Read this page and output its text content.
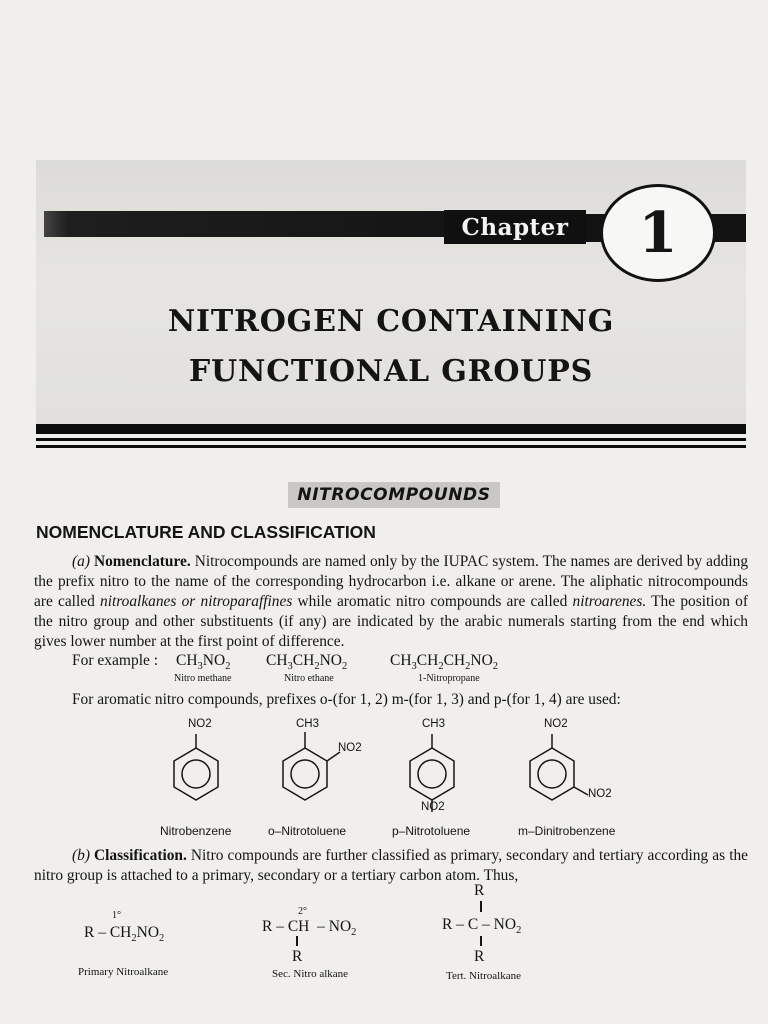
Chapter	1
NITROGEN CONTAINING
FUNCTIONAL GROUPS
NITROCOMPOUNDS
NOMENCLATURE AND CLASSIFICATION
(a) Nomenclature. Nitrocompounds are named only by the IUPAC system. The names are derived by adding the prefix nitro to the name of the corresponding hydrocarbon i.e. alkane or arene. The aliphatic nitrocompounds are called nitroalkanes or nitroparaffines while aromatic nitro compounds are called nitroarenes. The position of the nitro group and other substituents (if any) are indicated by the arabic numerals starting from the end which gives lower number at the first point of difference.
For example : $CH_3NO_2$
Nitro methane
$CH_3CH_2NO_2$
Nitro ethane
$CH_3CH_2CH_2NO_2$
1-Nitropropane
For aromatic nitro compounds, prefixes o-(for 1, 2) m-(for 1, 3) and p-(for 1, 4) are used:
NO2	CH3
NO2
CH3
NO2
NO2
NO2
Nitrobenzene	o–Nitrotoluene	p–Nitrotoluene	m–Dinitrobenzene
(b) Classification. Nitro compounds are further classified as primary, secondary and tertiary according as the nitro group is attached to a primary, secondary or a tertiary carbon atom. Thus,
1°
R – $CH_2NO_2$
Primary Nitroalkane
2°
R – CH  – $NO_2$
R
Sec. Nitro alkane
R
R – C – $NO_2$
R
Tert. Nitroalkane
